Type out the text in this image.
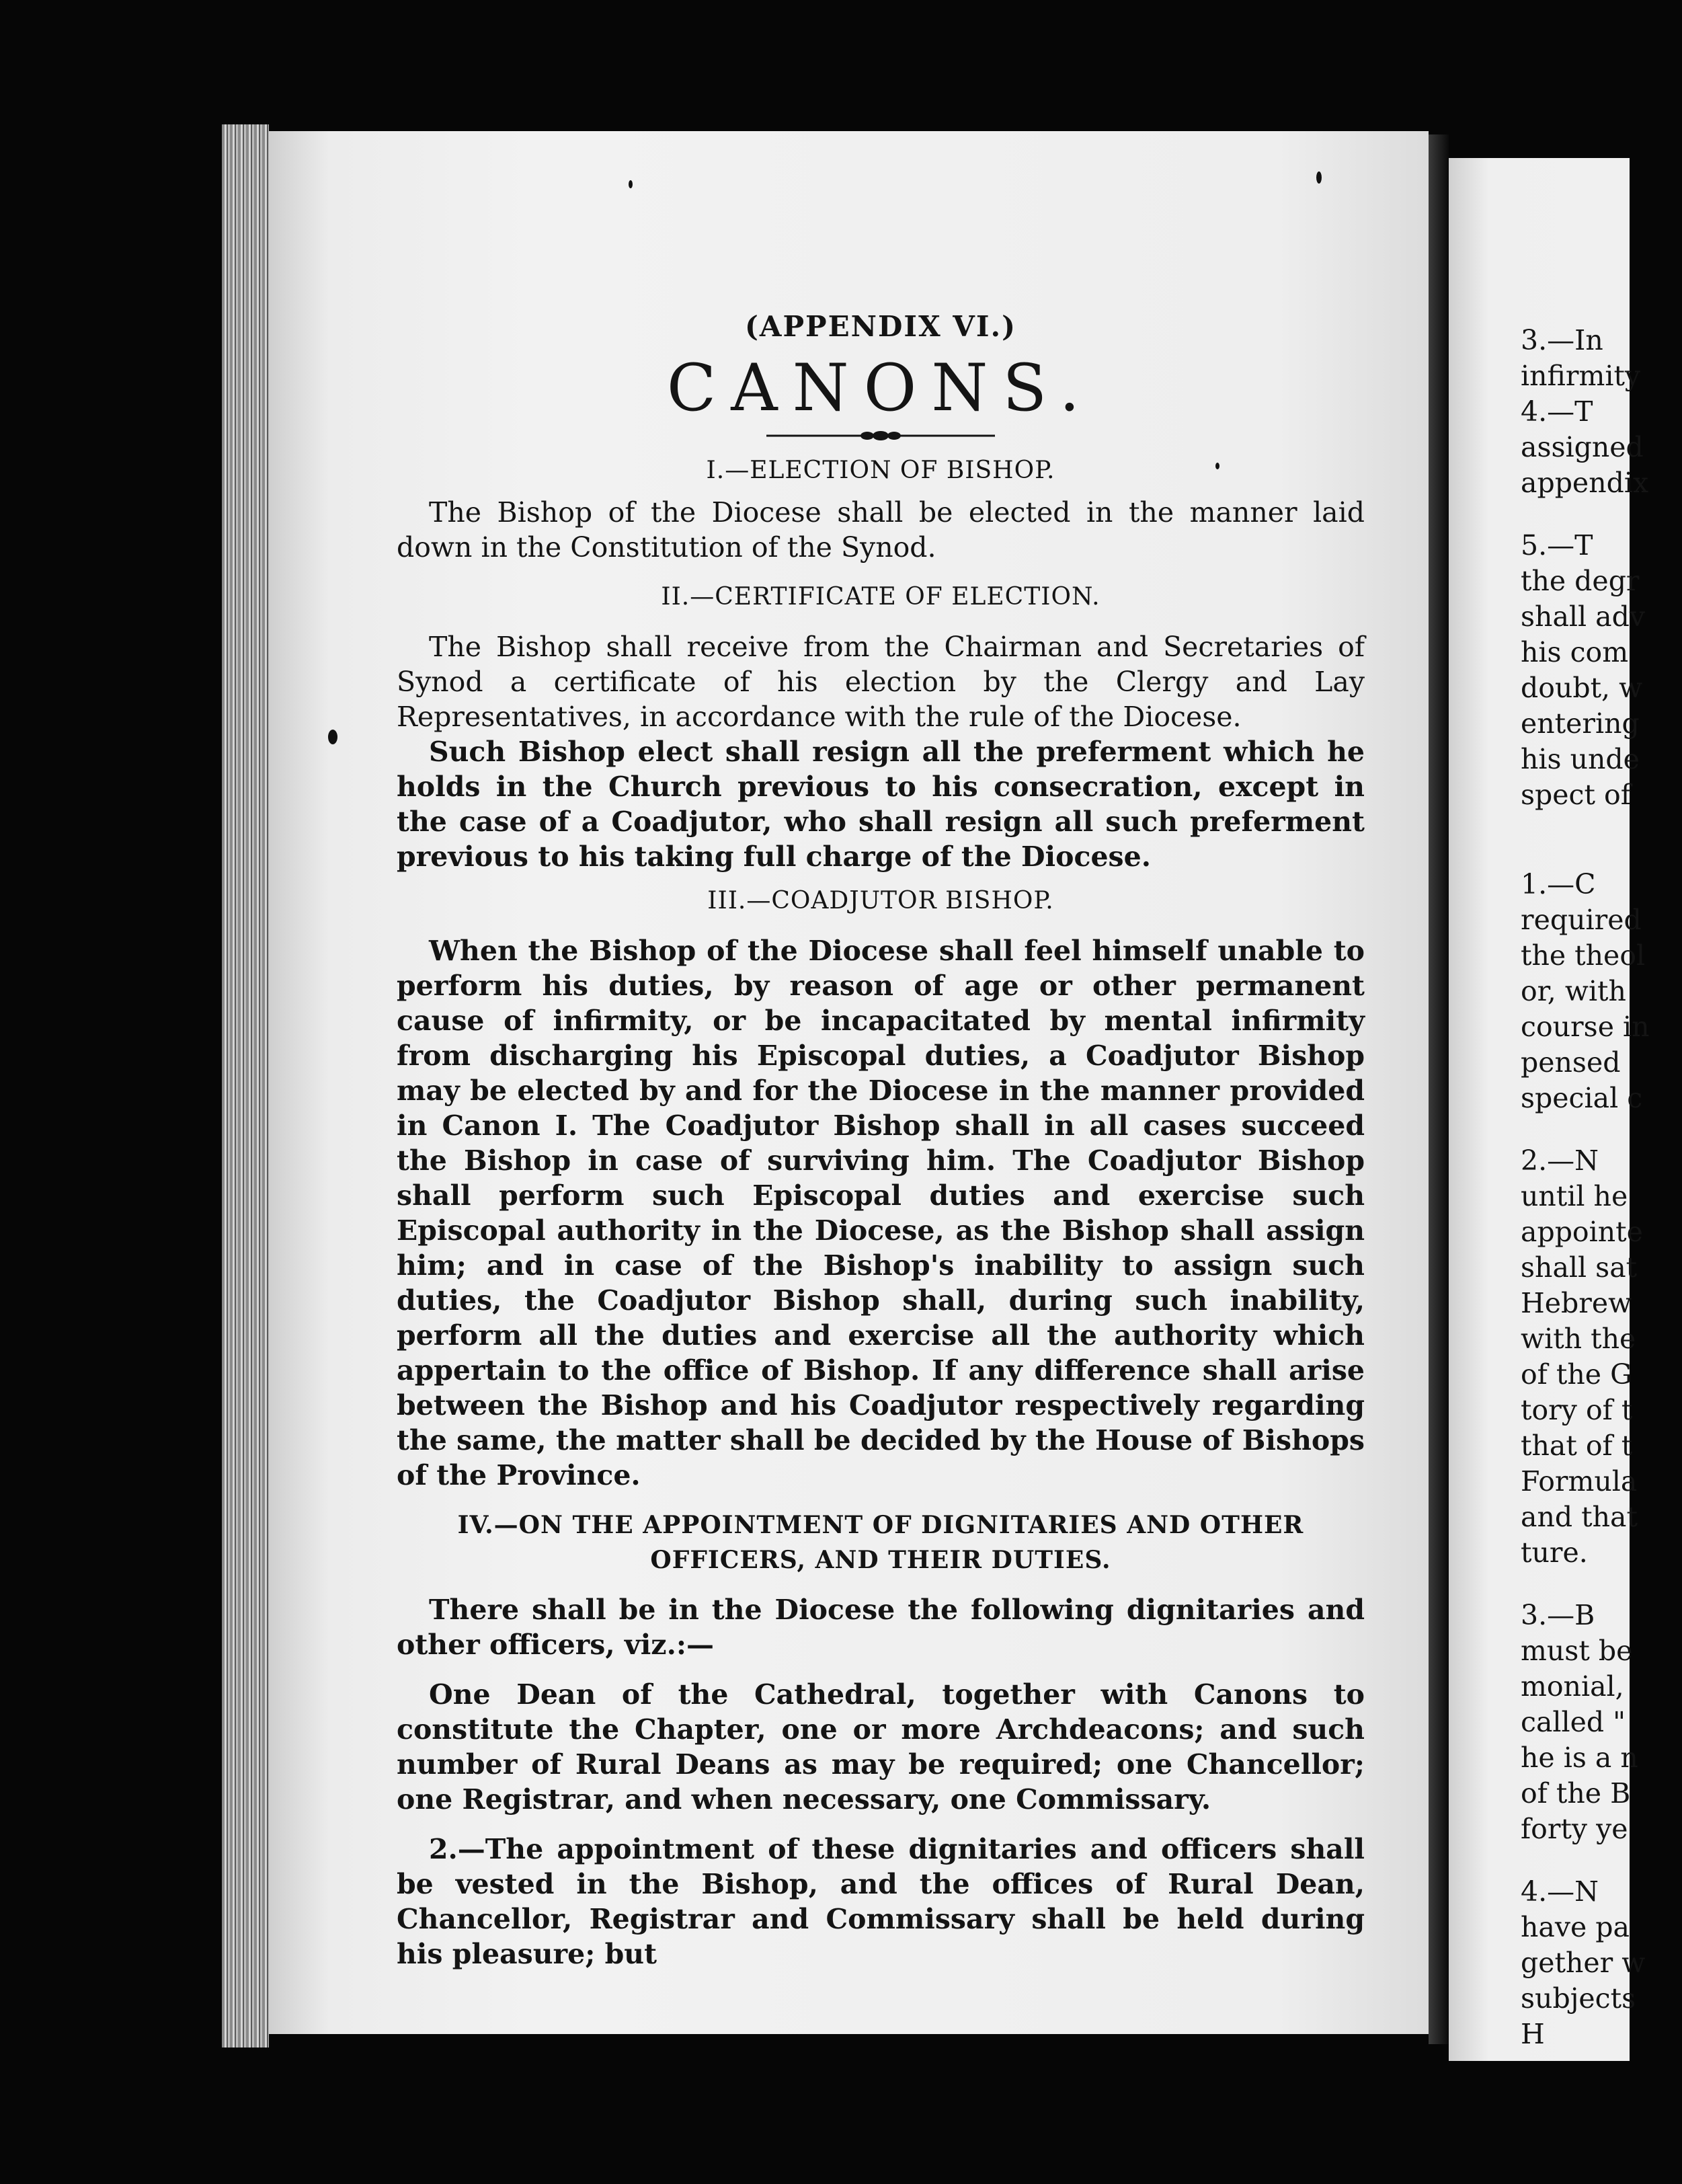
(APPENDIX VI.)
CANONS.
I.—ELECTION OF BISHOP.

The Bishop of the Diocese shall be elected in the manner laid down in the Constitution of the Synod.

II.—CERTIFICATE OF ELECTION.

The Bishop shall receive from the Chairman and Secretaries of Synod a certificate of his election by the Clergy and Lay Representatives, in accordance with the rule of the Diocese.

Such Bishop elect shall resign all the preferment which he holds in the Church previous to his consecration, except in the case of a Coadjutor, who shall resign all such preferment previous to his taking full charge of the Diocese.

III.—COADJUTOR BISHOP.

When the Bishop of the Diocese shall feel himself unable to perform his duties, by reason of age or other permanent cause of infirmity, or be incapacitated by mental infirmity from discharging his Episcopal duties, a Coadjutor Bishop may be elected by and for the Diocese in the manner provided in Canon I. The Coadjutor Bishop shall in all cases succeed the Bishop in case of surviving him. The Coadjutor Bishop shall perform such Episcopal duties and exercise such Episcopal authority in the Diocese, as the Bishop shall assign him; and in case of the Bishop's inability to assign such duties, the Coadjutor Bishop shall, during such inability, perform all the duties and exercise all the authority which appertain to the office of Bishop. If any difference shall arise between the Bishop and his Coadjutor respectively regarding the same, the matter shall be decided by the House of Bishops of the Province.

IV.—ON THE APPOINTMENT OF DIGNITARIES AND OTHER OFFICERS, AND THEIR DUTIES.

There shall be in the Diocese the following dignitaries and other officers, viz.:—

One Dean of the Cathedral, together with Canons to constitute the Chapter, one or more Archdeacons; and such number of Rural Deans as may be required; one Chancellor; one Registrar, and when necessary, one Commissary.

2.—The appointment of these dignitaries and officers shall be vested in the Bishop, and the offices of Rural Dean, Chancellor, Registrar and Commissary shall be held during his pleasure; but

3.—In
infirmity
4.—T
assigned
appendix
5.—T
the degr
shall adv
his com
doubt, w
entering
his unde
spect of
1.—C
required
the theol
or, with
course in
pensed
special c
2.—N
until he
appointe
shall sat
Hebrew
with the
of the G
tory of t
that of t
Formula
and that
ture.
3.—B
must be
monial,
called "
he is a n
of the B
forty ye
4.—N
have pa
gether w
subjects
H
